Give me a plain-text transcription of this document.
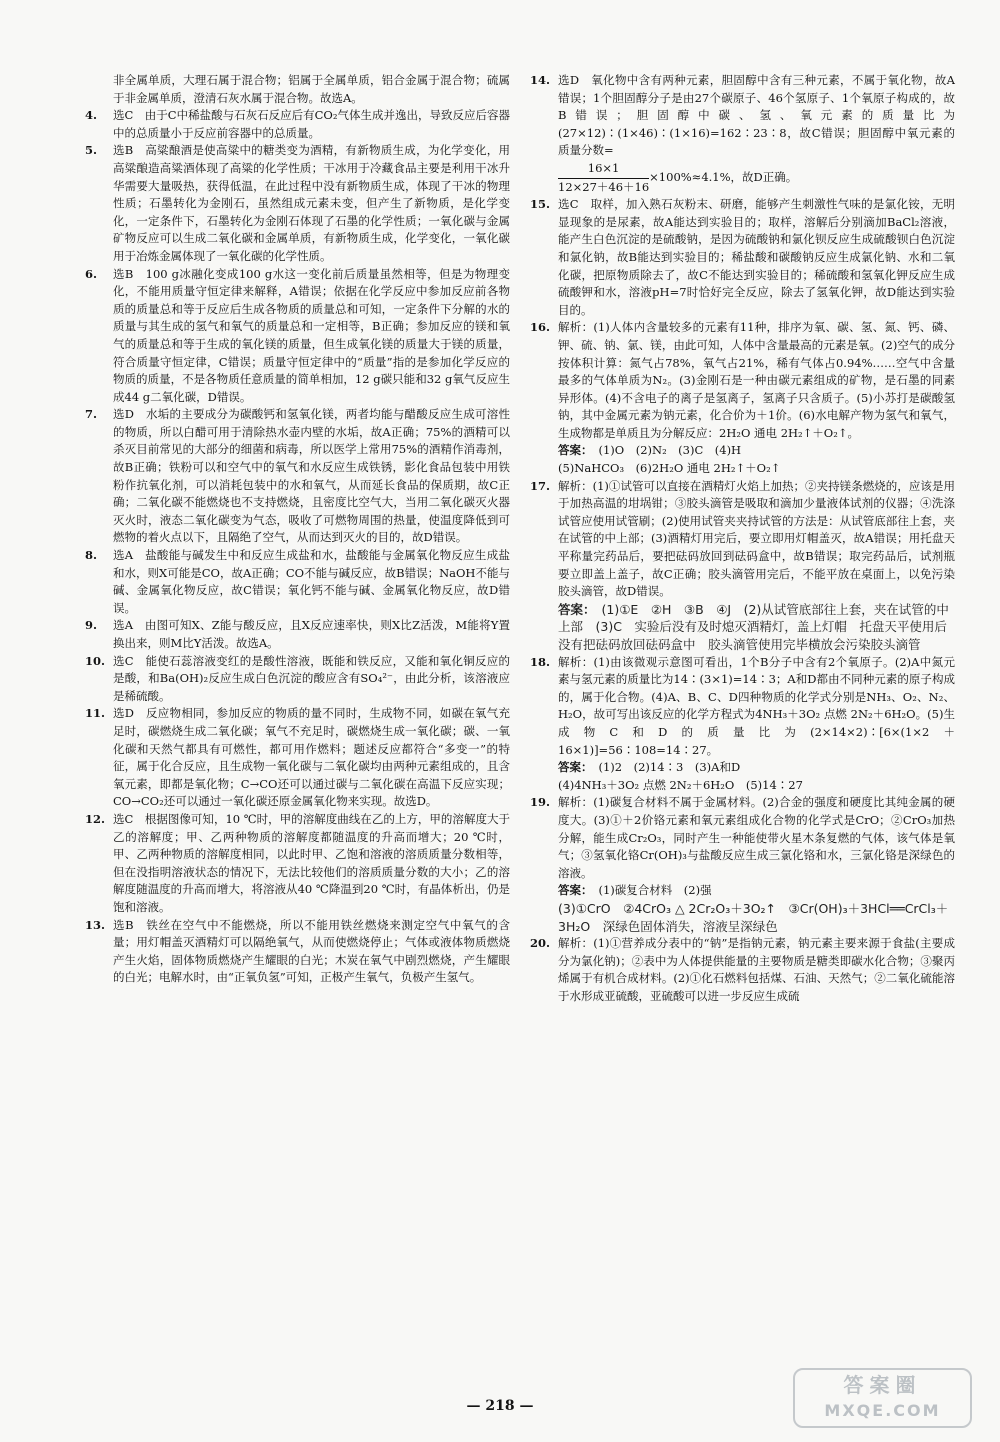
非全属单质，大理石属于混合物；铝属于全属单质，铝合金属于混合物；硫属于非金属单质，澄清石灰水属于混合物。故选A。

4. 选C　由于C中稀盐酸与石灰石反应后有CO₂气体生成并逸出，导致反应后容器中的总质量小于反应前容器中的总质量。

5. 选B　高粱酿酒是使高粱中的糖类变为酒精，有新物质生成，为化学变化，用高粱酿造高粱酒体现了高粱的化学性质；干冰用于冷藏食品主要是利用干冰升华需要大量吸热，获得低温，在此过程中没有新物质生成，体现了干冰的物理性质；石墨转化为金刚石，虽然组成元素未变，但产生了新物质，是化学变化，一定条件下，石墨转化为金刚石体现了石墨的化学性质；一氧化碳与金属矿物反应可以生成二氧化碳和金属单质，有新物质生成，化学变化，一氧化碳用于冶炼金属体现了一氧化碳的化学性质。

6. 选B　100 g冰融化变成100 g水这一变化前后质量虽然相等，但是为物理变化，不能用质量守恒定律来解释，A错误；依据在化学反应中参加反应前各物质的质量总和等于反应后生成各物质的质量总和可知，一定条件下分解的水的质量与其生成的氢气和氧气的质量总和一定相等，B正确；参加反应的镁和氧气的质量总和等于生成的氧化镁的质量，但生成氧化镁的质量大于镁的质量，符合质量守恒定律，C错误；质量守恒定律中的“质量”指的是参加化学反应的物质的质量，不是各物质任意质量的简单相加，12 g碳只能和32 g氧气反应生成44 g二氧化碳，D错误。

7. 选D　水垢的主要成分为碳酸钙和氢氧化镁，两者均能与醋酸反应生成可溶性的物质，所以白醋可用于清除热水壶内壁的水垢，故A正确；75%的酒精可以杀灭目前常见的大部分的细菌和病毒，所以医学上常用75%的酒精作消毒剂，故B正确；铁粉可以和空气中的氧气和水反应生成铁锈，影化食品包装中用铁粉作抗氧化剂，可以消耗包装中的水和氧气，从而延长食品的保质期，故C正确；二氧化碳不能燃烧也不支持燃烧，且密度比空气大，当用二氧化碳灭火器灭火时，液态二氧化碳变为气态，吸收了可燃物周围的热量，使温度降低到可燃物的着火点以下，且隔绝了空气，从而达到灭火的目的，故D错误。

8. 选A　盐酸能与碱发生中和反应生成盐和水，盐酸能与金属氧化物反应生成盐和水，则X可能是CO，故A正确；CO不能与碱反应，故B错误；NaOH不能与碱、金属氧化物反应，故C错误；氧化钙不能与碱、金属氧化物反应，故D错误。

9. 选A　由图可知X、Z能与酸反应，且X反应速率快，则X比Z活泼，M能将Y置换出来，则M比Y活泼。故选A。

10. 选C　能使石蕊溶液变红的是酸性溶液，既能和铁反应，又能和氧化铜反应的是酸，和Ba(OH)₂反应生成白色沉淀的酸应含有SO₄²⁻，由此分析，该溶液应是稀硫酸。

11. 选D　反应物相同，参加反应的物质的量不同时，生成物不同，如碳在氧气充足时，碳燃烧生成二氧化碳；氧气不充足时，碳燃烧生成一氧化碳；碳、一氧化碳和天然气都具有可燃性，都可用作燃料；题述反应都符合“多变一”的特征，属于化合反应，且生成物一氧化碳与二氧化碳均由两种元素组成的，且含氧元素，即都是氧化物；C→CO还可以通过碳与二氧化碳在高温下反应实现；CO→CO₂还可以通过一氧化碳还原金属氧化物来实现。故选D。

12. 选C　根据图像可知，10 ℃时，甲的溶解度曲线在乙的上方，甲的溶解度大于乙的溶解度；甲、乙两种物质的溶解度都随温度的升高而增大；20 ℃时，甲、乙两种物质的溶解度相同，以此时甲、乙饱和溶液的溶质质量分数相等，但在没指明溶液状态的情况下，无法比较他们的溶质质量分数的大小；乙的溶解度随温度的升高而增大，将溶液从40 ℃降温到20 ℃时，有晶体析出，仍是饱和溶液。

13. 选B　铁丝在空气中不能燃烧，所以不能用铁丝燃烧来测定空气中氧气的含量；用灯帽盖灭酒精灯可以隔绝氧气，从而使燃烧停止；气体或液体物质燃烧产生火焰，固体物质燃烧产生耀眼的白光；木炭在氧气中剧烈燃烧，产生耀眼的白光；电解水时，由“正氧负氢”可知，正极产生氧气，负极产生氢气。

14. 选D　氧化物中含有两种元素，胆固醇中含有三种元素，不属于氧化物，故A错误；1个胆固醇分子是由27个碳原子、46个氢原子、1个氧原子构成的，故B错误；胆固醇中碳、氢、氧元素的质量比为(27×12)∶(1×46)∶(1×16)=162∶23∶8，故C错误；胆固醇中氧元素的质量分数=

$\frac{16\times 1}{12\times 27+46+16} \times 100\%\approx 4.1\%$，故D正确。

15. 选C　取样，加入熟石灰粉末、研磨，能够产生刺激性气味的是氯化铵，无明显现象的是尿素，故A能达到实验目的；取样，溶解后分别滴加BaCl₂溶液，能产生白色沉淀的是硫酸钠，是因为硫酸钠和氯化钡反应生成硫酸钡白色沉淀和氯化钠，故B能达到实验目的；稀盐酸和碳酸钠反应生成氯化钠、水和二氧化碳，把原物质除去了，故C不能达到实验目的；稀硫酸和氢氧化钾反应生成硫酸钾和水，溶液pH=7时恰好完全反应，除去了氢氧化钾，故D能达到实验目的。

16. 解析：(1)人体内含量较多的元素有11种，排序为氧、碳、氢、氮、钙、磷、钾、硫、钠、氯、镁，由此可知，人体中含量最高的元素是氧。(2)空气的成分按体积计算：氮气占78%，氧气占21%，稀有气体占0.94%……空气中含量最多的气体单质为N₂。(3)金刚石是一种由碳元素组成的矿物，是石墨的同素异形体。(4)不含电子的离子是氢离子，氢离子只含质子。(5)小苏打是碳酸氢钠，其中金属元素为钠元素，化合价为＋1价。(6)水电解产物为氢气和氧气，生成物都是单质且为分解反应：2H₂O 通电 2H₂↑＋O₂↑。

答案： (1)O　(2)N₂　(3)C　(4)H

(5)NaHCO₃　(6)2H₂O 通电 2H₂↑＋O₂↑

17. 解析：(1)①试管可以直接在酒精灯火焰上加热；②夹持镁条燃烧的，应该是用于加热高温的坩埚钳；③胶头滴管是吸取和滴加少量液体试剂的仪器；④洗涤试管应使用试管刷；(2)使用试管夹夹持试管的方法是：从试管底部往上套，夹在试管的中上部；(3)酒精灯用完后，要立即用灯帽盖灭，故A错误；用托盘天平称量完药品后，要把砝码放回到砝码盒中，故B错误；取完药品后，试剂瓶要立即盖上盖子，故C正确；胶头滴管用完后，不能平放在桌面上，以免污染胶头滴管，故D错误。

答案： (1)①E　②H　③B　④J　(2)从试管底部往上套，夹在试管的中上部　(3)C　实验后没有及时熄灭酒精灯，盖上灯帽　托盘天平使用后没有把砝码放回砝码盒中　胶头滴管使用完毕横放会污染胶头滴管

18. 解析：(1)由该微观示意图可看出，1个B分子中含有2个氧原子。(2)A中氮元素与氢元素的质量比为14∶(3×1)=14∶3；A和D都由不同种元素的原子构成的，属于化合物。(4)A、B、C、D四种物质的化学式分别是NH₃、O₂、N₂、H₂O，故可写出该反应的化学方程式为4NH₃＋3O₂ 点燃 2N₂＋6H₂O。(5)生成物C和D的质量比为(2×14×2)∶[6×(1×2＋16×1)]=56∶108=14∶27。

答案： (1)2　(2)14∶3　(3)A和D

(4)4NH₃＋3O₂ 点燃 2N₂＋6H₂O　(5)14∶27

19. 解析：(1)碳复合材料不属于金属材料。(2)合金的强度和硬度比其纯金属的硬度大。(3)①＋2价铬元素和氧元素组成化合物的化学式是CrO；②CrO₃加热分解，能生成Cr₂O₃，同时产生一种能使带火星木条复燃的气体，该气体是氧气；③氢氧化铬Cr(OH)₃与盐酸反应生成三氯化铬和水，三氯化铬是深绿色的溶液。

答案： (1)碳复合材料　(2)强

(3)①CrO　②4CrO₃ △ 2Cr₂O₃＋3O₂↑　③Cr(OH)₃＋3HCl══CrCl₃＋3H₂O　深绿色固体消失，溶液呈深绿色

20. 解析：(1)①营养成分表中的“钠”是指钠元素，钠元素主要来源于食盐(主要成分为氯化钠)；②表中为人体提供能量的主要物质是糖类即碳水化合物；③聚丙烯属于有机合成材料。(2)①化石燃料包括煤、石油、天然气；②二氧化硫能溶于水形成亚硫酸，亚硫酸可以进一步反应生成硫

— 218 —
答案圈
MXQE.COM
